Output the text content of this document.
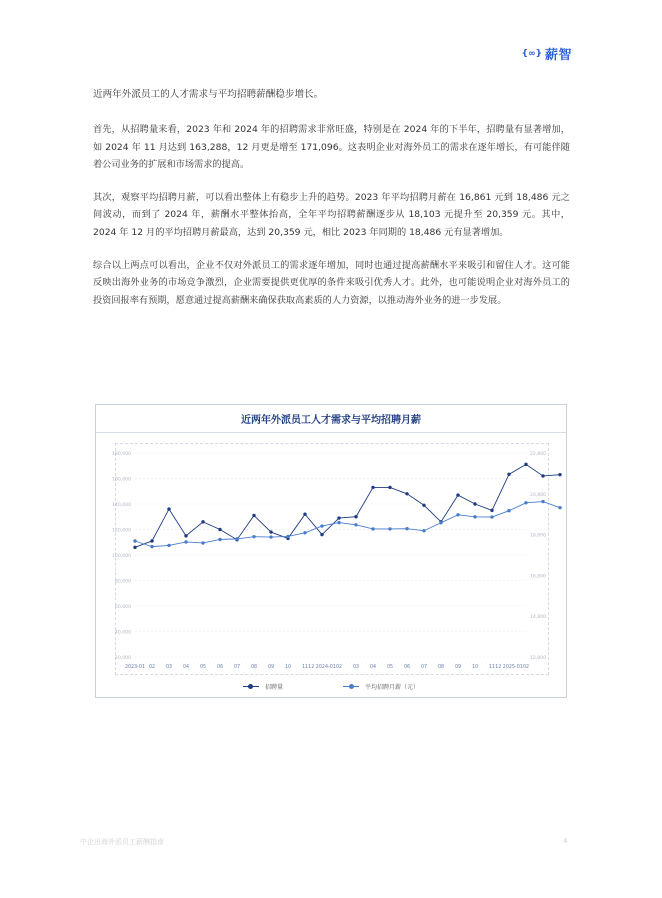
{∞} 薪智

近两年外派员工的人才需求与平均招聘薪酬稳步增长。

首先，从招聘量来看，2023 年和 2024 年的招聘需求非常旺盛，特别是在 2024 年的下半年，招聘量有显著增加，如 2024 年 11 月达到 163,288，12 月更是增至 171,096。这表明企业对海外员工的需求在逐年增长，有可能伴随着公司业务的扩展和市场需求的提高。

其次，观察平均招聘月薪，可以看出整体上有稳步上升的趋势。2023 年平均招聘月薪在 16,861 元到 18,486 元之间波动，而到了 2024 年，薪酬水平整体抬高，全年平均招聘薪酬逐步从 18,103 元提升至 20,359 元。其中，2024 年 12 月的平均招聘月薪最高，达到 20,359 元，相比 2023 年同期的 18,486 元有显著增加。

综合以上两点可以看出，企业不仅对外派员工的需求逐年增加，同时也通过提高薪酬水平来吸引和留住人才。这可能反映出海外业务的市场竞争激烈，企业需要提供更优厚的条件来吸引优秀人才。此外，也可能说明企业对海外员工的投资回报率有预期，愿意通过提高薪酬来确保获取高素质的人力资源，以推动海外业务的进一步发展。

近两年外派员工人才需求与平均招聘月薪
180,000
160,000
140,000
120,000
100,000
80,000
60,000
40,000
20,000
22,800
20,800
18,800
16,800
14,800
12,800
2023-01 02 03 04 05 06 07 08 09 10 11 12 2024-01 02 03 04 05 06 07 08 09 10 11 12 2025-01 02
招聘量	平均招聘月薪（元）
中企出海外派员工薪酬指南	4
